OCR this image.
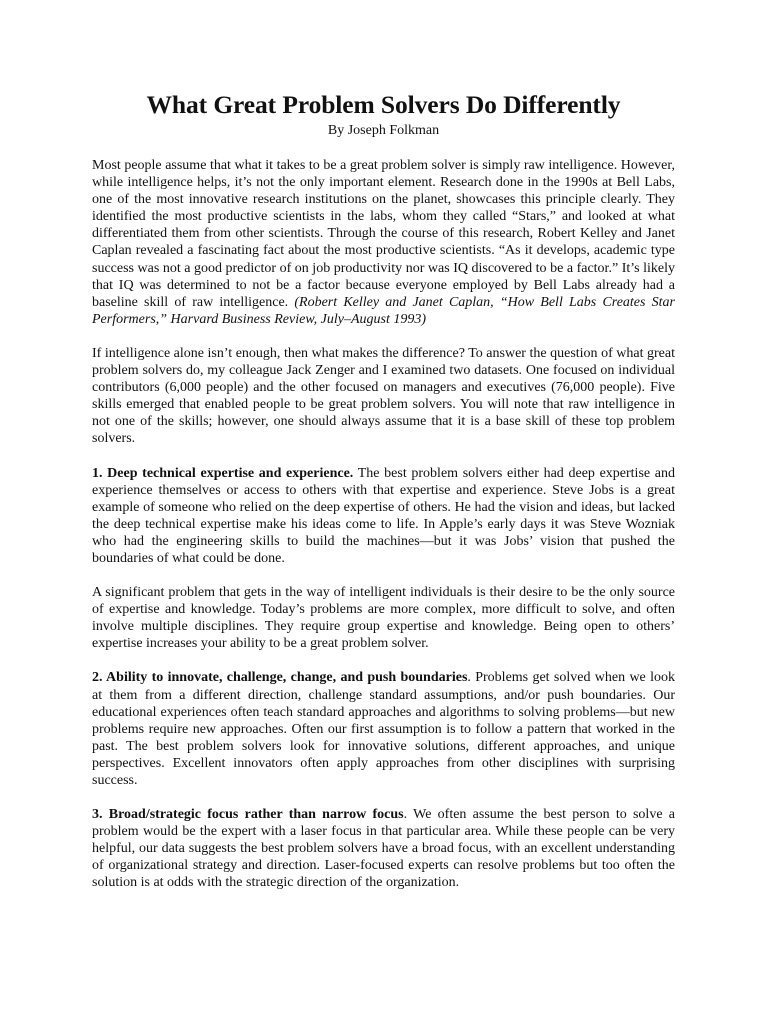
What Great Problem Solvers Do Differently

By Joseph Folkman

Most people assume that what it takes to be a great problem solver is simply raw intelligence. However, while intelligence helps, it’s not the only important element. Research done in the 1990s at Bell Labs, one of the most innovative research institutions on the planet, showcases this principle clearly. They identified the most productive scientists in the labs, whom they called “Stars,” and looked at what differentiated them from other scientists. Through the course of this research, Robert Kelley and Janet Caplan revealed a fascinating fact about the most productive scientists. “As it develops, academic type success was not a good predictor of on job productivity nor was IQ discovered to be a factor.” It’s likely that IQ was determined to not be a factor because everyone employed by Bell Labs already had a baseline skill of raw intelligence. (Robert Kelley and Janet Caplan, “How Bell Labs Creates Star Performers,” Harvard Business Review, July–August 1993)

If intelligence alone isn’t enough, then what makes the difference? To answer the question of what great problem solvers do, my colleague Jack Zenger and I examined two datasets. One focused on individual contributors (6,000 people) and the other focused on managers and executives (76,000 people). Five skills emerged that enabled people to be great problem solvers. You will note that raw intelligence in not one of the skills; however, one should always assume that it is a base skill of these top problem solvers.

1. Deep technical expertise and experience. The best problem solvers either had deep expertise and experience themselves or access to others with that expertise and experience. Steve Jobs is a great example of someone who relied on the deep expertise of others. He had the vision and ideas, but lacked the deep technical expertise make his ideas come to life. In Apple’s early days it was Steve Wozniak who had the engineering skills to build the machines—but it was Jobs’ vision that pushed the boundaries of what could be done.

A significant problem that gets in the way of intelligent individuals is their desire to be the only source of expertise and knowledge. Today’s problems are more complex, more difficult to solve, and often involve multiple disciplines. They require group expertise and knowledge. Being open to others’ expertise increases your ability to be a great problem solver.

2. Ability to innovate, challenge, change, and push boundaries. Problems get solved when we look at them from a different direction, challenge standard assumptions, and/or push boundaries. Our educational experiences often teach standard approaches and algorithms to solving problems—but new problems require new approaches. Often our first assumption is to follow a pattern that worked in the past. The best problem solvers look for innovative solutions, different approaches, and unique perspectives. Excellent innovators often apply approaches from other disciplines with surprising success.

3. Broad/strategic focus rather than narrow focus. We often assume the best person to solve a problem would be the expert with a laser focus in that particular area. While these people can be very helpful, our data suggests the best problem solvers have a broad focus, with an excellent understanding of organizational strategy and direction. Laser-focused experts can resolve problems but too often the solution is at odds with the strategic direction of the organization.
